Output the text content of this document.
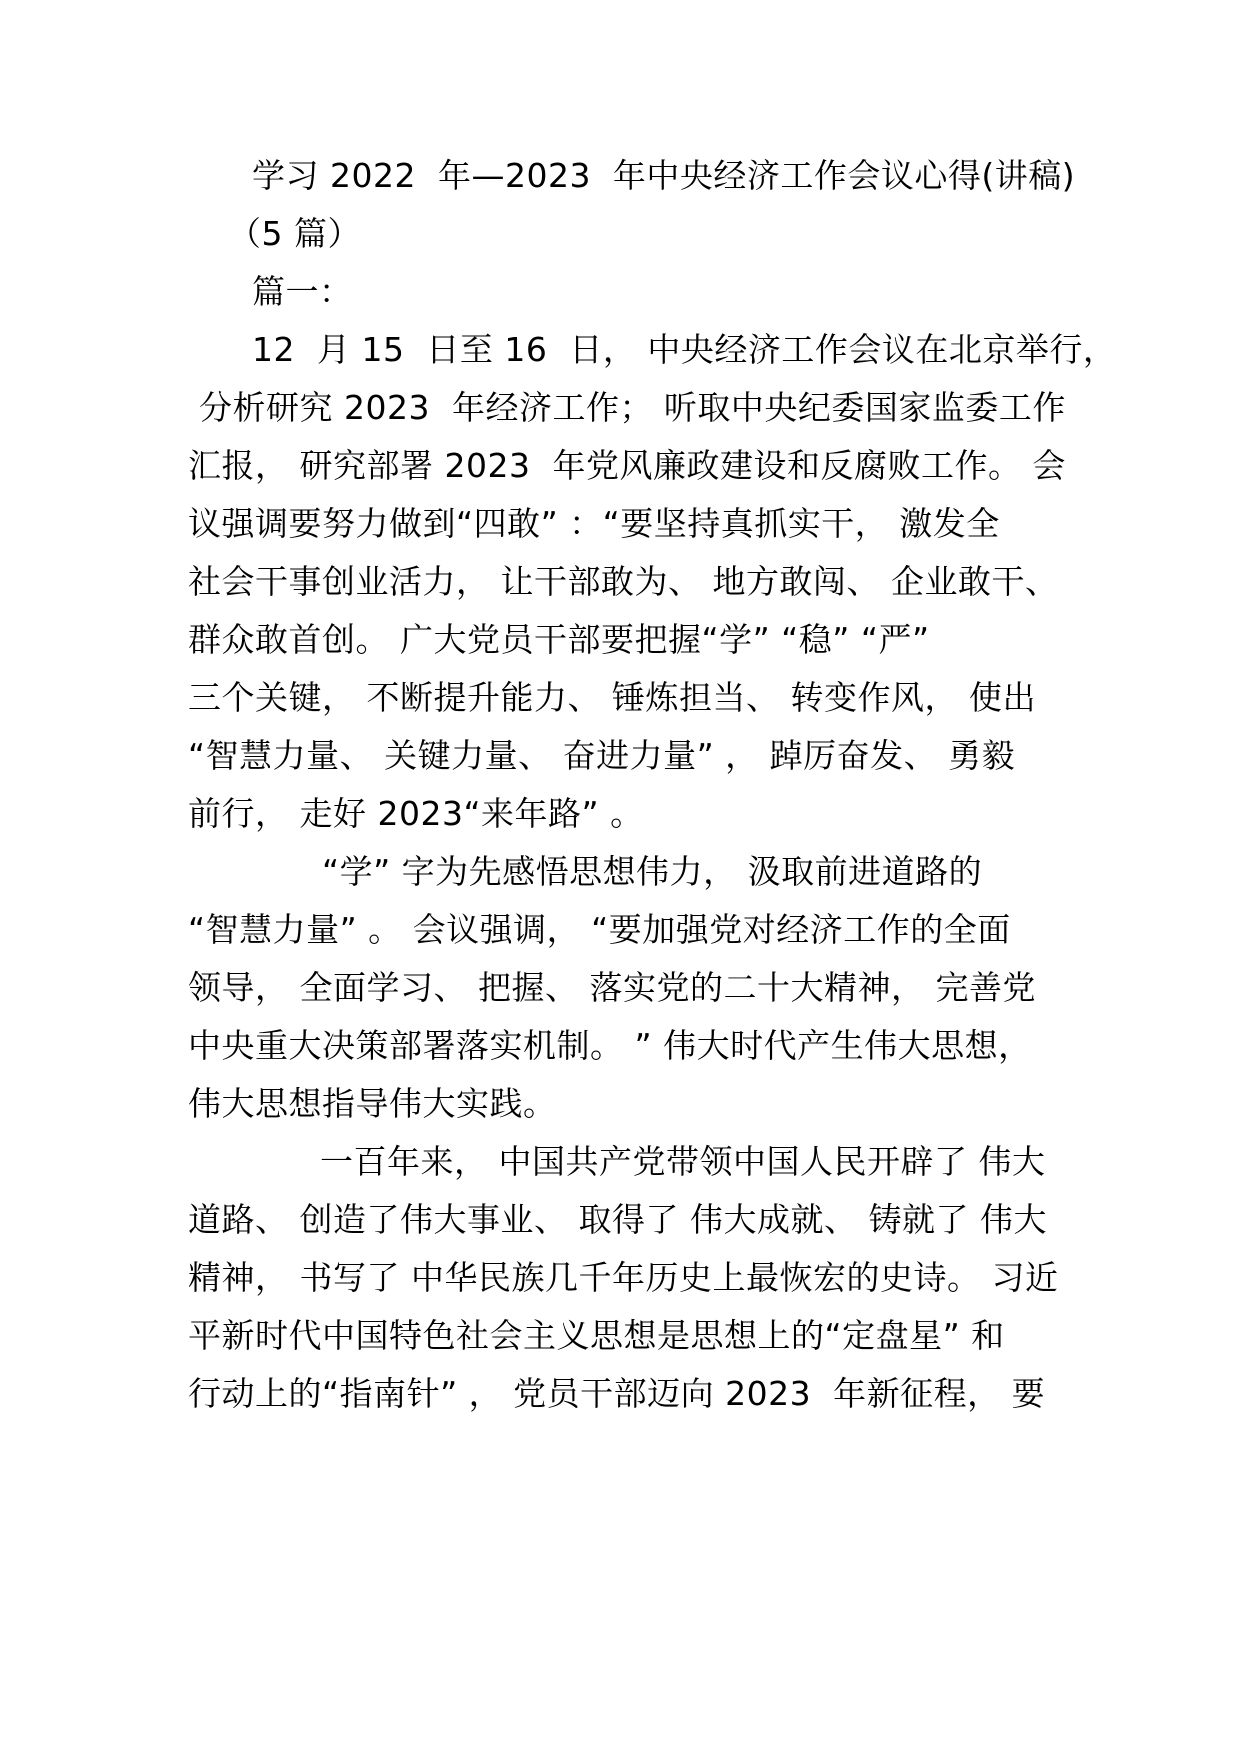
学习 2022  年—2023  年中央经济工作会议心得(讲稿)
（5 篇）
篇一：
12  月 15  日至 16  日， 中央经济工作会议在北京举行，
分析研究 2023  年经济工作； 听取中央纪委国家监委工作
汇报， 研究部署 2023  年党风廉政建设和反腐败工作。 会
议强调要努力做到“四敢” ：“要坚持真抓实干， 激发全
社会干事创业活力， 让干部敢为、 地方敢闯、 企业敢干、
群众敢首创。 广大党员干部要把握“学” “稳” “严”
三个关键， 不断提升能力、 锤炼担当、 转变作风， 使出
“智慧力量、 关键力量、 奋进力量” ， 踔厉奋发、 勇毅
前行， 走好 2023“来年路” 。
“学” 字为先感悟思想伟力， 汲取前进道路的
“智慧力量” 。 会议强调， “要加强党对经济工作的全面
领导， 全面学习、 把握、 落实党的二十大精神， 完善党
中央重大决策部署落实机制。 ” 伟大时代产生伟大思想，
伟大思想指导伟大实践。
一百年来， 中国共产党带领中国人民开辟了 伟大
道路、 创造了伟大事业、 取得了 伟大成就、 铸就了 伟大
精神， 书写了 中华民族几千年历史上最恢宏的史诗。 习近
平新时代中国特色社会主义思想是思想上的“定盘星” 和
行动上的“指南针” ， 党员干部迈向 2023  年新征程， 要
